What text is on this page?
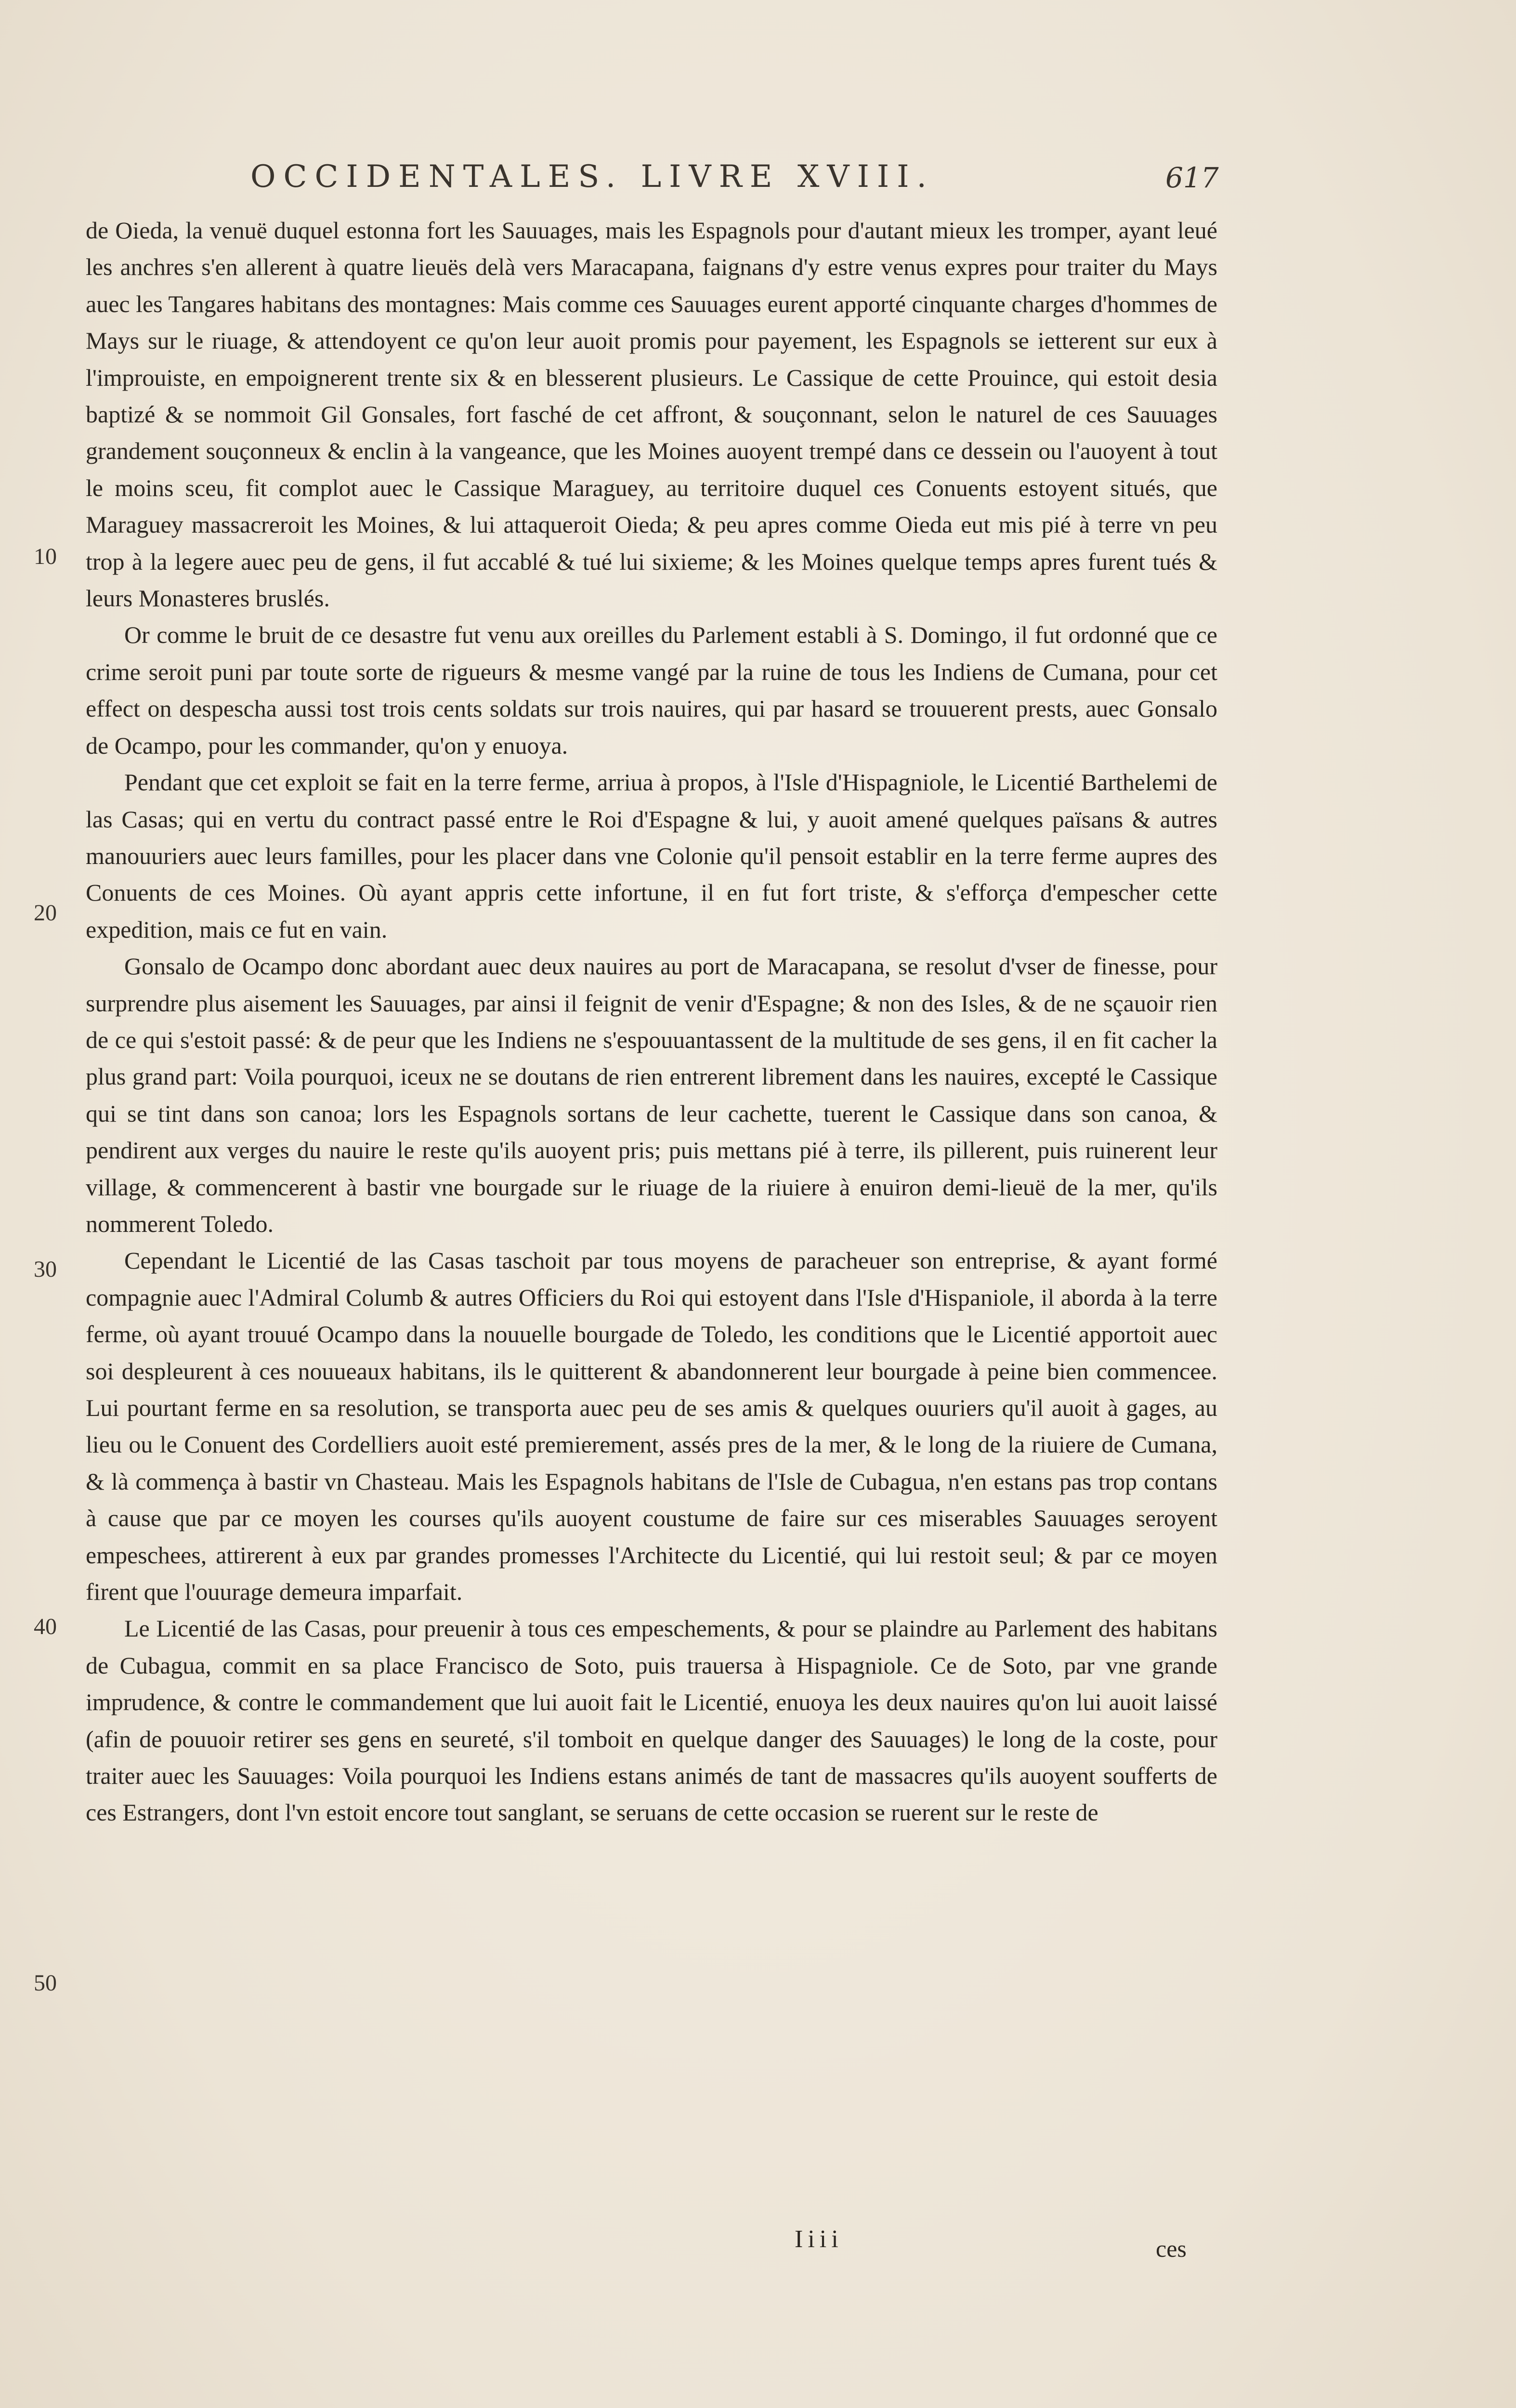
OCCIDENTALES. LIVRE XVIII.	617
10
20
30
40
50

de Oieda, la venuë duquel estonna fort les Sauuages, mais les Espagnols pour d'autant mieux les tromper, ayant leué les anchres s'en allerent à quatre lieuës delà vers Maracapana, faignans d'y estre venus expres pour traiter du Mays auec les Tangares habitans des montagnes: Mais comme ces Sauuages eurent apporté cinquante charges d'hommes de Mays sur le riuage, & attendoyent ce qu'on leur auoit promis pour payement, les Espagnols se ietterent sur eux à l'improuiste, en empoignerent trente six & en blesserent plusieurs. Le Cassique de cette Prouince, qui estoit desia baptizé & se nommoit Gil Gonsales, fort fasché de cet affront, & souçonnant, selon le naturel de ces Sauuages grandement souçonneux & enclin à la vangeance, que les Moines auoyent trempé dans ce dessein ou l'auoyent à tout le moins sceu, fit complot auec le Cassique Maraguey, au territoire duquel ces Conuents estoyent situés, que Maraguey massacreroit les Moines, & lui attaqueroit Oieda; & peu apres comme Oieda eut mis pié à terre vn peu trop à la legere auec peu de gens, il fut accablé & tué lui sixieme; & les Moines quelque temps apres furent tués & leurs Monasteres bruslés.

Or comme le bruit de ce desastre fut venu aux oreilles du Parlement establi à S. Domingo, il fut ordonné que ce crime seroit puni par toute sorte de rigueurs & mesme vangé par la ruine de tous les Indiens de Cumana, pour cet effect on despescha aussi tost trois cents soldats sur trois nauires, qui par hasard se trouuerent prests, auec Gonsalo de Ocampo, pour les commander, qu'on y enuoya.

Pendant que cet exploit se fait en la terre ferme, arriua à propos, à l'Isle d'Hispagniole, le Licentié Barthelemi de las Casas; qui en vertu du contract passé entre le Roi d'Espagne & lui, y auoit amené quelques païsans & autres manouuriers auec leurs familles, pour les placer dans vne Colonie qu'il pensoit establir en la terre ferme aupres des Conuents de ces Moines. Où ayant appris cette infortune, il en fut fort triste, & s'efforça d'empescher cette expedition, mais ce fut en vain.

Gonsalo de Ocampo donc abordant auec deux nauires au port de Maracapana, se resolut d'vser de finesse, pour surprendre plus aisement les Sauuages, par ainsi il feignit de venir d'Espagne; & non des Isles, & de ne sçauoir rien de ce qui s'estoit passé: & de peur que les Indiens ne s'espouuantassent de la multitude de ses gens, il en fit cacher la plus grand part: Voila pourquoi, iceux ne se doutans de rien entrerent librement dans les nauires, excepté le Cassique qui se tint dans son canoa; lors les Espagnols sortans de leur cachette, tuerent le Cassique dans son canoa, & pendirent aux verges du nauire le reste qu'ils auoyent pris; puis mettans pié à terre, ils pillerent, puis ruinerent leur village, & commencerent à bastir vne bourgade sur le riuage de la riuiere à enuiron demi-lieuë de la mer, qu'ils nommerent Toledo.

Cependant le Licentié de las Casas taschoit par tous moyens de paracheuer son entreprise, & ayant formé compagnie auec l'Admiral Columb & autres Officiers du Roi qui estoyent dans l'Isle d'Hispaniole, il aborda à la terre ferme, où ayant trouué Ocampo dans la nouuelle bourgade de Toledo, les conditions que le Licentié apportoit auec soi despleurent à ces nouueaux habitans, ils le quitterent & abandonnerent leur bourgade à peine bien commencee. Lui pourtant ferme en sa resolution, se transporta auec peu de ses amis & quelques ouuriers qu'il auoit à gages, au lieu ou le Conuent des Cordelliers auoit esté premierement, assés pres de la mer, & le long de la riuiere de Cumana, & là commença à bastir vn Chasteau. Mais les Espagnols habitans de l'Isle de Cubagua, n'en estans pas trop contans à cause que par ce moyen les courses qu'ils auoyent coustume de faire sur ces miserables Sauuages seroyent empeschees, attirerent à eux par grandes promesses l'Architecte du Licentié, qui lui restoit seul; & par ce moyen firent que l'ouurage demeura imparfait.

Le Licentié de las Casas, pour preuenir à tous ces empeschements, & pour se plaindre au Parlement des habitans de Cubagua, commit en sa place Francisco de Soto, puis trauersa à Hispagniole. Ce de Soto, par vne grande imprudence, & contre le commandement que lui auoit fait le Licentié, enuoya les deux nauires qu'on lui auoit laissé (afin de pouuoir retirer ses gens en seureté, s'il tomboit en quelque danger des Sauuages) le long de la coste, pour traiter auec les Sauuages: Voila pourquoi les Indiens estans animés de tant de massacres qu'ils auoyent soufferts de ces Estrangers, dont l'vn estoit encore tout sanglant, se seruans de cette occasion se ruerent sur le reste de

Iiii	ces
